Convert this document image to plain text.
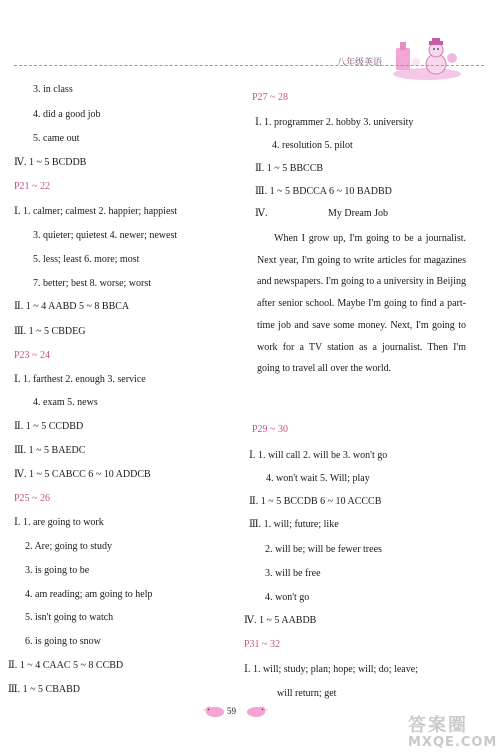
八年级英语
3. in class
4. did a good job
5. came out
Ⅳ. 1 ~ 5 BCDDB
P21 ~ 22
Ⅰ. 1. calmer; calmest 2. happier; happiest
3. quieter; quietest 4. newer; newest
5. less; least 6. more; most
7. better; best 8. worse; worst
Ⅱ. 1 ~ 4 AABD 5 ~ 8 BBCA
Ⅲ. 1 ~ 5 CBDEG
P23 ~ 24
Ⅰ. 1. farthest 2. enough 3. service
4. exam 5. news
Ⅱ. 1 ~ 5 CCDBD
Ⅲ. 1 ~ 5 BAEDC
Ⅳ. 1 ~ 5 CABCC 6 ~ 10 ADDCB
P25 ~ 26
Ⅰ. 1. are going to work
2. Are; going to study
3. is going to be
4. am reading; am going to help
5. isn't going to watch
6. is going to snow
Ⅱ. 1 ~ 4 CAAC 5 ~ 8 CCBD
Ⅲ. 1 ~ 5 CBABD
P27 ~ 28
Ⅰ. 1. programmer 2. hobby 3. university
4. resolution 5. pilot
Ⅱ. 1 ~ 5 BBCCB
Ⅲ. 1 ~ 5 BDCCA 6 ~ 10 BADBD
Ⅳ.	My Dream Job
When I grow up, I'm going to be a journalist. Next year, I'm going to write articles for magazines and newspapers. I'm going to a university in Beijing after senior school. Maybe I'm going to find a part-time job and save some money. Next, I'm going to work for a TV station as a journalist. Then I'm going to travel all over the world.
P29 ~ 30
Ⅰ. 1. will call 2. will be 3. won't go
4. won't wait 5. Will; play
Ⅱ. 1 ~ 5 BCCDB 6 ~ 10 ACCCB
Ⅲ. 1. will; future; like
2. will be; will be fewer trees
3. will be free
4. won't go
Ⅳ. 1 ~ 5 AABDB
P31 ~ 32
Ⅰ. 1. will; study; plan; hope; will; do; leave;
will return; get
59
答案圈
MXQE.COM
